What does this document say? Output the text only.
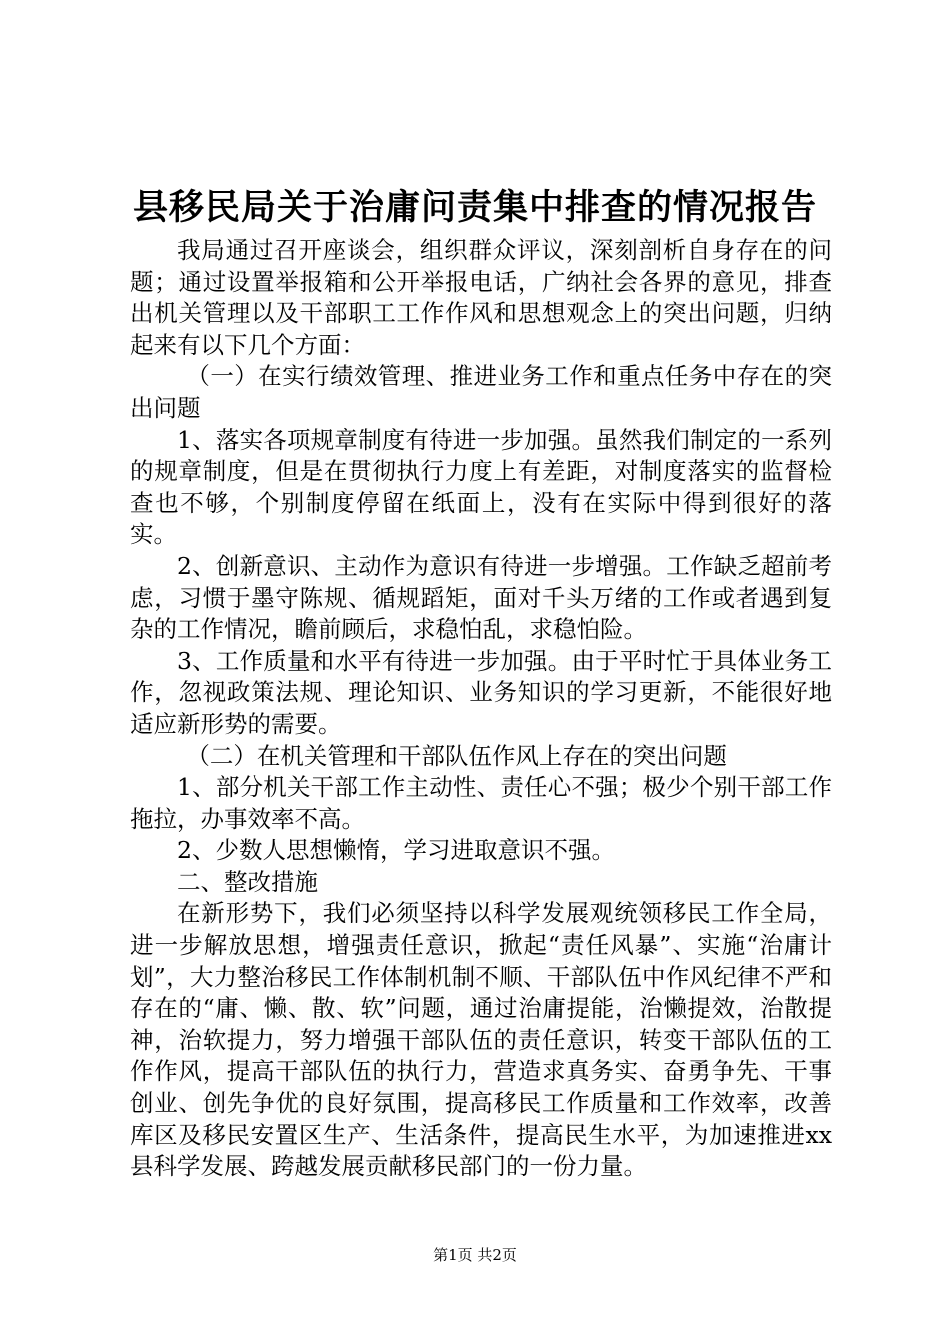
县移民局关于治庸问责集中排查的情况报告

我局通过召开座谈会，组织群众评议，深刻剖析自身存在的问题；通过设置举报箱和公开举报电话，广纳社会各界的意见，排查出机关管理以及干部职工工作作风和思想观念上的突出问题，归纳起来有以下几个方面：

（一）在实行绩效管理、推进业务工作和重点任务中存在的突出问题

1、落实各项规章制度有待进一步加强。虽然我们制定的一系列的规章制度，但是在贯彻执行力度上有差距，对制度落实的监督检查也不够，个别制度停留在纸面上，没有在实际中得到很好的落实。

2、创新意识、主动作为意识有待进一步增强。工作缺乏超前考虑，习惯于墨守陈规、循规蹈矩，面对千头万绪的工作或者遇到复杂的工作情况，瞻前顾后，求稳怕乱，求稳怕险。

3、工作质量和水平有待进一步加强。由于平时忙于具体业务工作，忽视政策法规、理论知识、业务知识的学习更新，不能很好地适应新形势的需要。

（二）在机关管理和干部队伍作风上存在的突出问题

1、部分机关干部工作主动性、责任心不强；极少个别干部工作拖拉，办事效率不高。

2、少数人思想懒惰，学习进取意识不强。

二、整改措施

在新形势下，我们必须坚持以科学发展观统领移民工作全局，进一步解放思想，增强责任意识，掀起“责任风暴”、实施“治庸计划”，大力整治移民工作体制机制不顺、干部队伍中作风纪律不严和存在的“庸、懒、散、软”问题，通过治庸提能，治懒提效，治散提神，治软提力，努力增强干部队伍的责任意识，转变干部队伍的工作作风，提高干部队伍的执行力，营造求真务实、奋勇争先、干事创业、创先争优的良好氛围，提高移民工作质量和工作效率，改善库区及移民安置区生产、生活条件，提高民生水平，为加速推进xx县科学发展、跨越发展贡献移民部门的一份力量。

第1页 共2页
